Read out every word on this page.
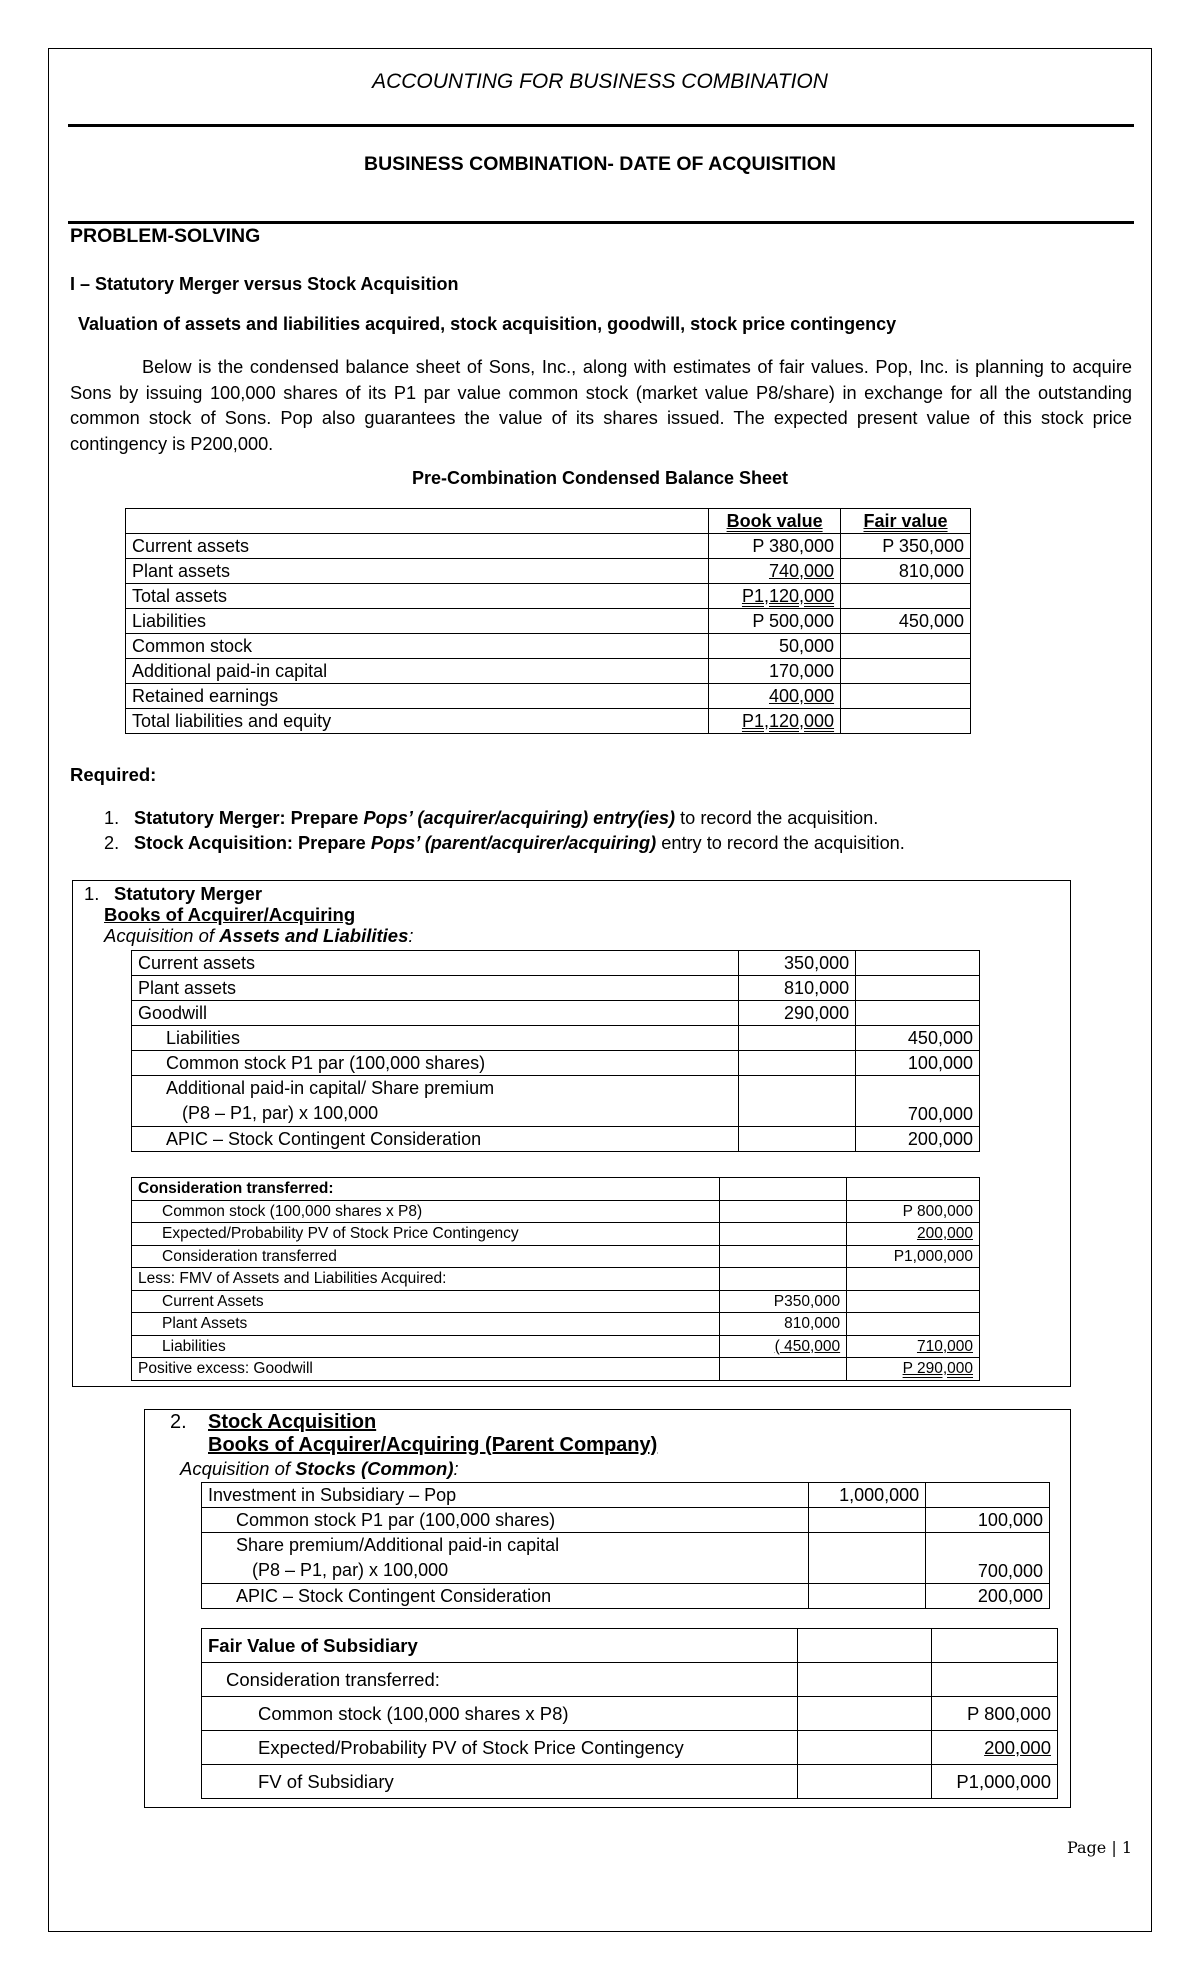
ACCOUNTING FOR BUSINESS COMBINATION
BUSINESS COMBINATION- DATE OF ACQUISITION
PROBLEM-SOLVING
I – Statutory Merger versus Stock Acquisition
Valuation of assets and liabilities acquired, stock acquisition, goodwill, stock price contingency
Below is the condensed balance sheet of Sons, Inc., along with estimates of fair values. Pop, Inc. is planning to acquire Sons by issuing 100,000 shares of its P1 par value common stock (market value P8/share) in exchange for all the outstanding common stock of Sons. Pop also guarantees the value of its shares issued. The expected present value of this stock price contingency is P200,000.
Pre-Combination Condensed Balance Sheet
	Book value	Fair value
Current assets	P 380,000	P 350,000
Plant assets	740,000	810,000
Total assets	P1,120,000	
Liabilities	P 500,000	450,000
Common stock	50,000	
Additional paid-in capital	170,000	
Retained earnings	400,000	
Total liabilities and equity	P1,120,000	
Required:
1. Statutory Merger: Prepare Pops’ (acquirer/acquiring) entry(ies) to record the acquisition.
2. Stock Acquisition: Prepare Pops’ (parent/acquirer/acquiring) entry to record the acquisition.
1. Statutory Merger
Books of Acquirer/Acquiring
Acquisition of Assets and Liabilities:
Current assets	350,000	
Plant assets	810,000	
Goodwill	290,000	
Liabilities		450,000
Common stock P1 par (100,000 shares)		100,000

Additional paid-in capital/ Share premium
(P8 – P1, par) x 100,000		700,000
APIC – Stock Contingent Consideration		200,000
Consideration transferred:		
Common stock (100,000 shares x P8)		P 800,000
Expected/Probability PV of Stock Price Contingency		200,000
Consideration transferred		P1,000,000
Less: FMV of Assets and Liabilities Acquired:		
Current Assets	P350,000	
Plant Assets	810,000	
Liabilities	( 450,000	710,000
Positive excess: Goodwill		P 290,000
2. Stock Acquisition
Books of Acquirer/Acquiring (Parent Company)
Acquisition of Stocks (Common):
Investment in Subsidiary – Pop	1,000,000	
Common stock P1 par (100,000 shares)		100,000

Share premium/Additional paid-in capital
(P8 – P1, par) x 100,000		700,000
APIC – Stock Contingent Consideration		200,000
Fair Value of Subsidiary		
Consideration transferred:		
Common stock (100,000 shares x P8)		P 800,000
Expected/Probability PV of Stock Price Contingency		200,000
FV of Subsidiary		P1,000,000
Page | 1
